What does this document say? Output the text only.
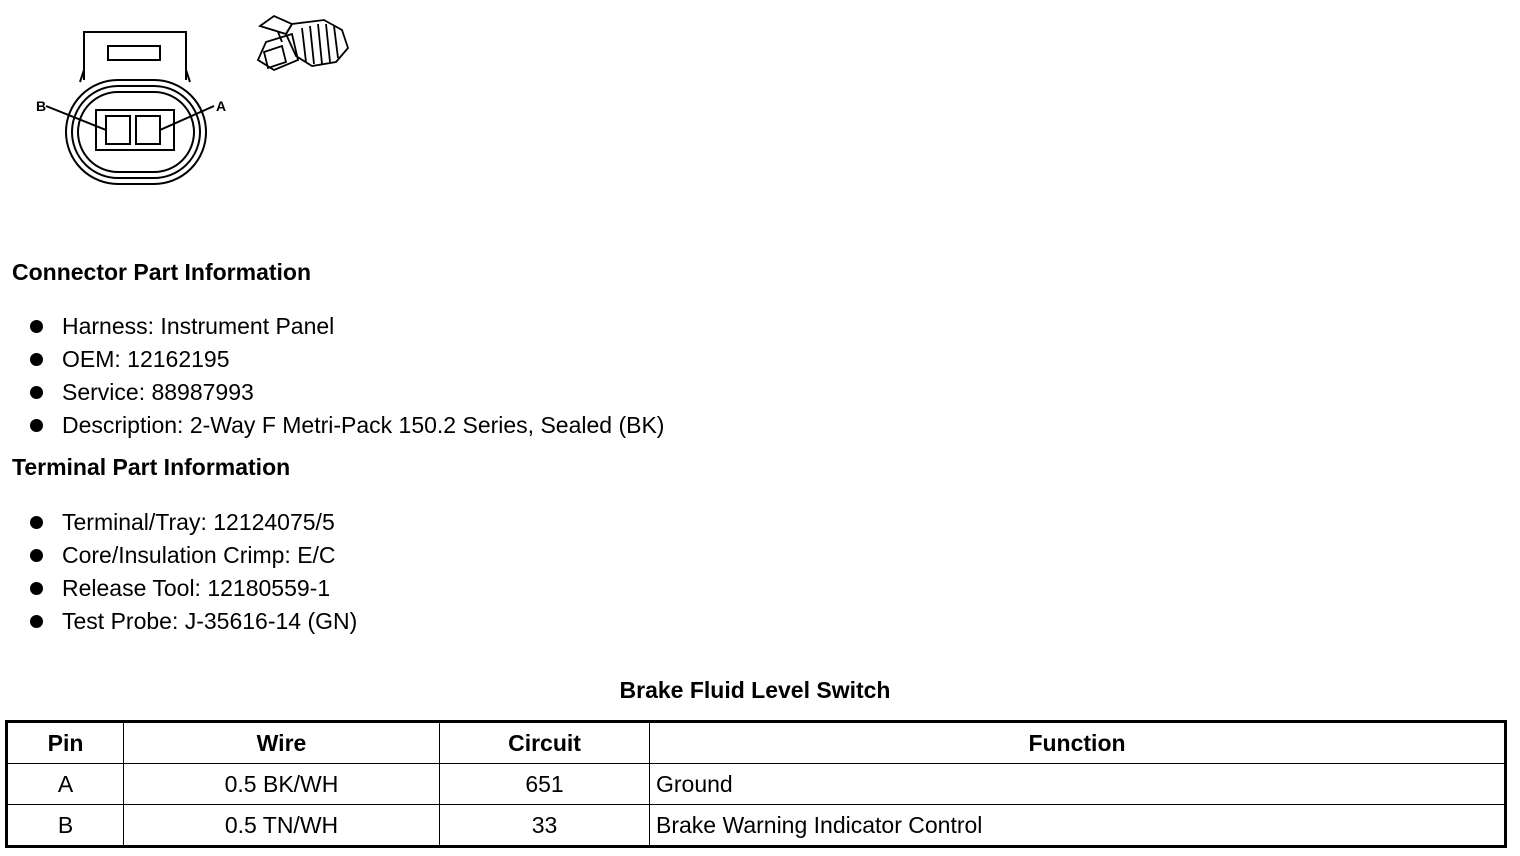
B	A
Connector Part Information
Harness: Instrument Panel
OEM: 12162195
Service: 88987993
Description: 2-Way F Metri-Pack 150.2 Series, Sealed (BK)
Terminal Part Information
Terminal/Tray: 12124075/5
Core/Insulation Crimp: E/C
Release Tool: 12180559-1
Test Probe: J-35616-14 (GN)
Brake Fluid Level Switch
Pin	Wire	Circuit	Function
A	0.5 BK/WH	651	Ground
B	0.5 TN/WH	33	Brake Warning Indicator Control
